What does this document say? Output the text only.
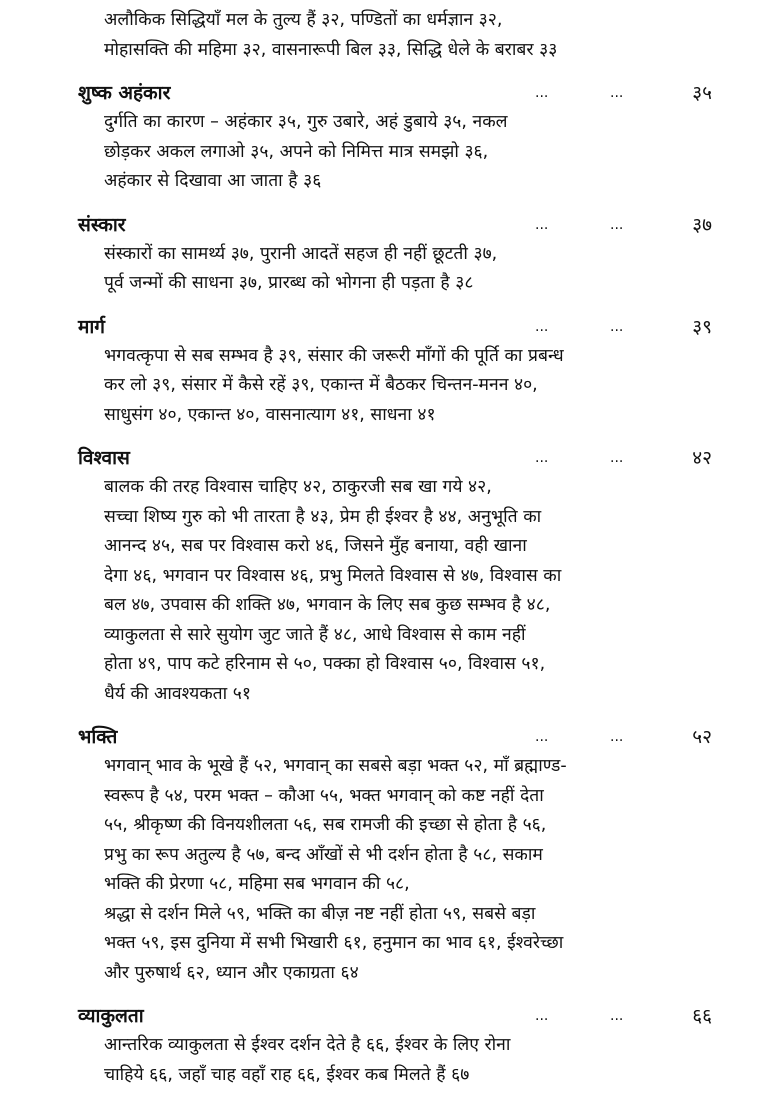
अलौकिक सिद्धियाँ मल के तुल्य हैं ३२, पण्डितों का धर्मज्ञान ३२,
मोहासक्ति की महिमा ३२, वासनारूपी बिल ३३, सिद्धि धेले के बराबर ३३
शुष्क अहंकार	...	...	३५
दुर्गति का कारण – अहंकार ३५, गुरु उबारे, अहं डुबाये ३५, नकल
छोड़कर अकल लगाओ ३५, अपने को निमित्त मात्र समझो ३६,
अहंकार से दिखावा आ जाता है ३६
संस्कार	...	...	३७
संस्कारों का सामर्थ्य ३७, पुरानी आदतें सहज ही नहीं छूटती ३७,
पूर्व जन्मों की साधना ३७, प्रारब्ध को भोगना ही पड़ता है ३८
मार्ग	...	...	३९
भगवत्कृपा से सब सम्भव है ३९, संसार की जरूरी माँगों की पूर्ति का प्रबन्ध
कर लो ३९, संसार में कैसे रहें ३९, एकान्त में बैठकर चिन्तन-मनन ४०,
साधुसंग ४०, एकान्त ४०, वासनात्याग ४१, साधना ४१
विश्वास	...	...	४२
बालक की तरह विश्वास चाहिए ४२, ठाकुरजी सब खा गये ४२,
सच्चा शिष्य गुरु को भी तारता है ४३, प्रेम ही ईश्वर है ४४, अनुभूति का
आनन्द ४५, सब पर विश्वास करो ४६, जिसने मुँह बनाया, वही खाना
देगा ४६, भगवान पर विश्वास ४६, प्रभु मिलते विश्वास से ४७, विश्वास का
बल ४७, उपवास की शक्ति ४७, भगवान के लिए सब कुछ सम्भव है ४८,
व्याकुलता से सारे सुयोग जुट जाते हैं ४८, आधे विश्वास से काम नहीं
होता ४९, पाप कटे हरिनाम से ५०, पक्का हो विश्वास ५०, विश्वास ५१,
धैर्य की आवश्यकता ५१
भक्ति	...	...	५२
भगवान् भाव के भूखे हैं ५२, भगवान् का सबसे बड़ा भक्त ५२, माँ ब्रह्माण्ड-
स्वरूप है ५४, परम भक्त – कौआ ५५, भक्त भगवान् को कष्ट नहीं देता
५५, श्रीकृष्ण की विनयशीलता ५६, सब रामजी की इच्छा से होता है ५६,
प्रभु का रूप अतुल्य है ५७, बन्द आँखों से भी दर्शन होता है ५८, सकाम
भक्ति की प्रेरणा ५८, महिमा सब भगवान की ५८,
श्रद्धा से दर्शन मिले ५९, भक्ति का बीज़ नष्ट नहीं होता ५९, सबसे बड़ा
भक्त ५९, इस दुनिया में सभी भिखारी ६१, हनुमान का भाव ६१, ईश्वरेच्छा
और पुरुषार्थ ६२, ध्यान और एकाग्रता ६४
व्याकुलता	...	...	६६
आन्तरिक व्याकुलता से ईश्वर दर्शन देते है ६६, ईश्वर के लिए रोना
चाहिये ६६, जहाँ चाह वहाँ राह ६६, ईश्वर कब मिलते हैं ६७
